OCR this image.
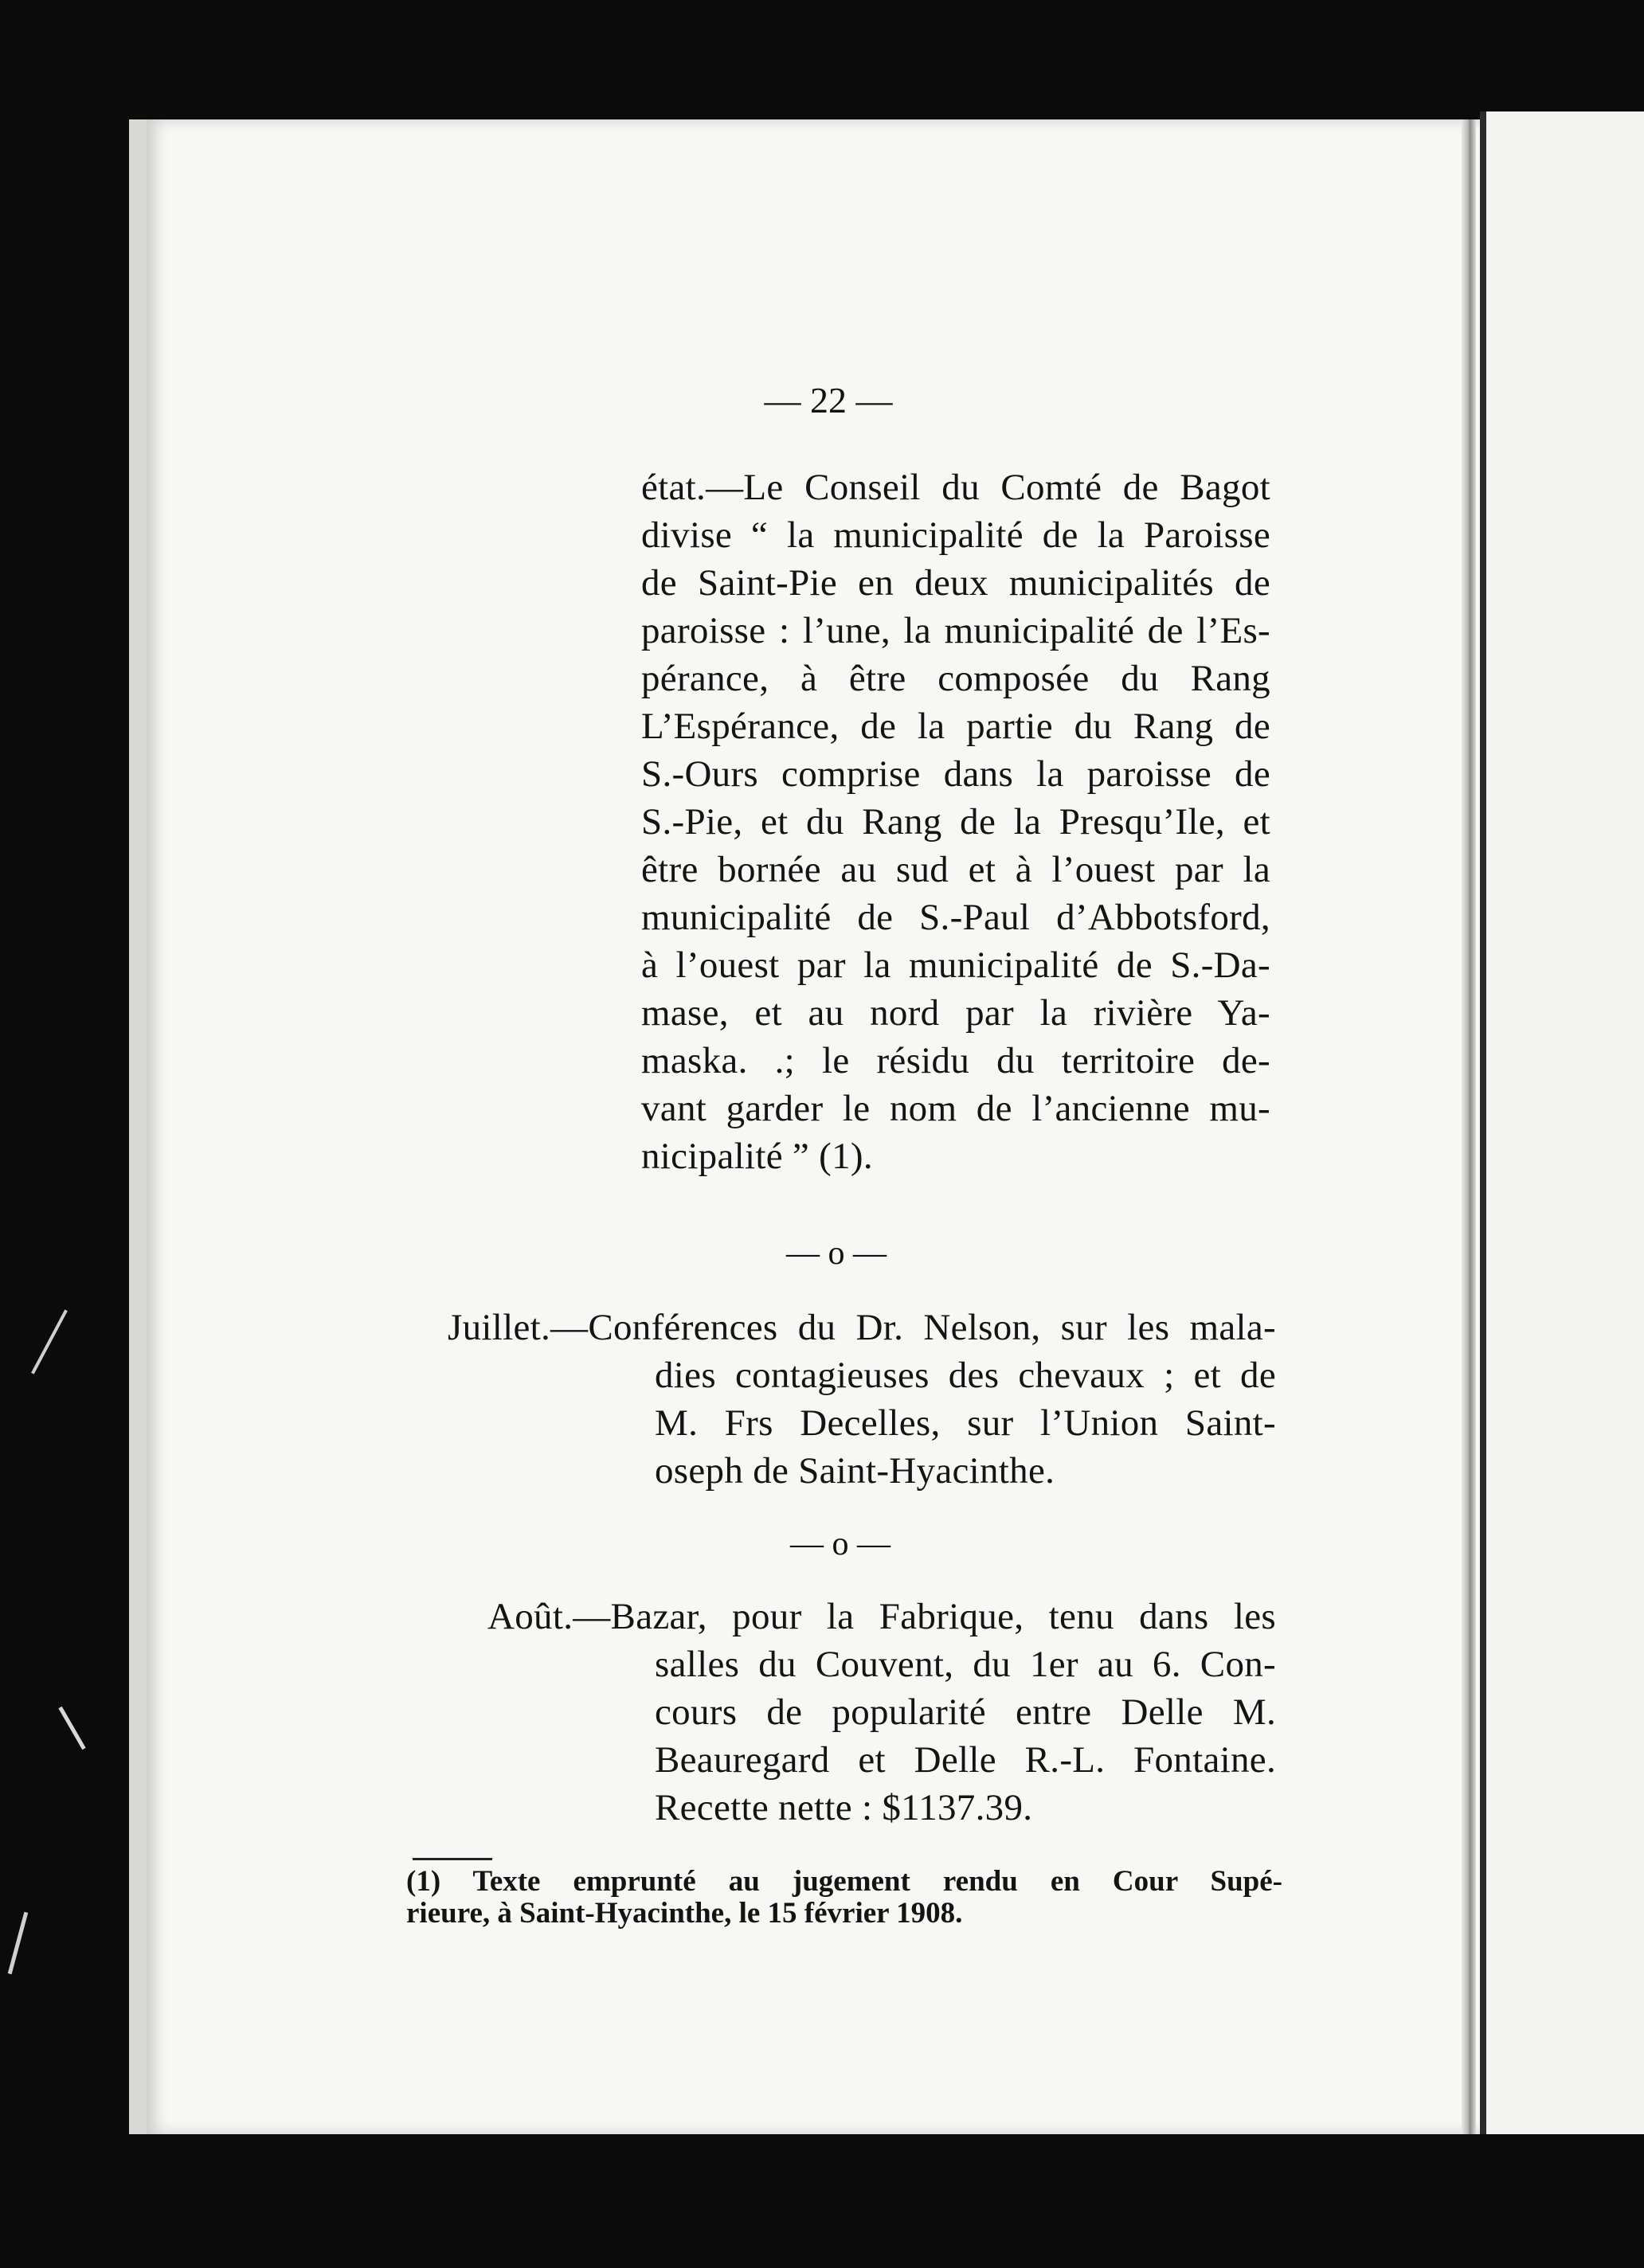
— 22 —
état.—Le Conseil du Comté de Bagot
divise “ la municipalité de la Paroisse
de Saint-Pie en deux municipalités de
paroisse : l’une, la municipalité de l’Es-
pérance, à être composée du Rang
L’Espérance, de la partie du Rang de
S.-Ours comprise dans la paroisse de
S.-Pie, et du Rang de la Presqu’Ile, et
être bornée au sud et à l’ouest par la
municipalité de S.-Paul d’Abbotsford,
à l’ouest par la municipalité de S.-Da-
mase, et au nord par la rivière Ya-
maska. .; le résidu du territoire de-
vant garder le nom de l’ancienne mu-
nicipalité ” (1).
— o —
Juillet.—Conférences du Dr. Nelson, sur les mala-
dies contagieuses des chevaux ; et de
M. Frs Decelles, sur l’Union Saint-
oseph de Saint-Hyacinthe.
— o —
Août.—Bazar, pour la Fabrique, tenu dans les
salles du Couvent, du 1er au 6. Con-
cours de popularité entre Delle M.
Beauregard et Delle R.-L. Fontaine.
Recette nette : $1137.39.
(1) Texte emprunté au jugement rendu en Cour Supé-
rieure, à Saint-Hyacinthe, le 15 février 1908.
